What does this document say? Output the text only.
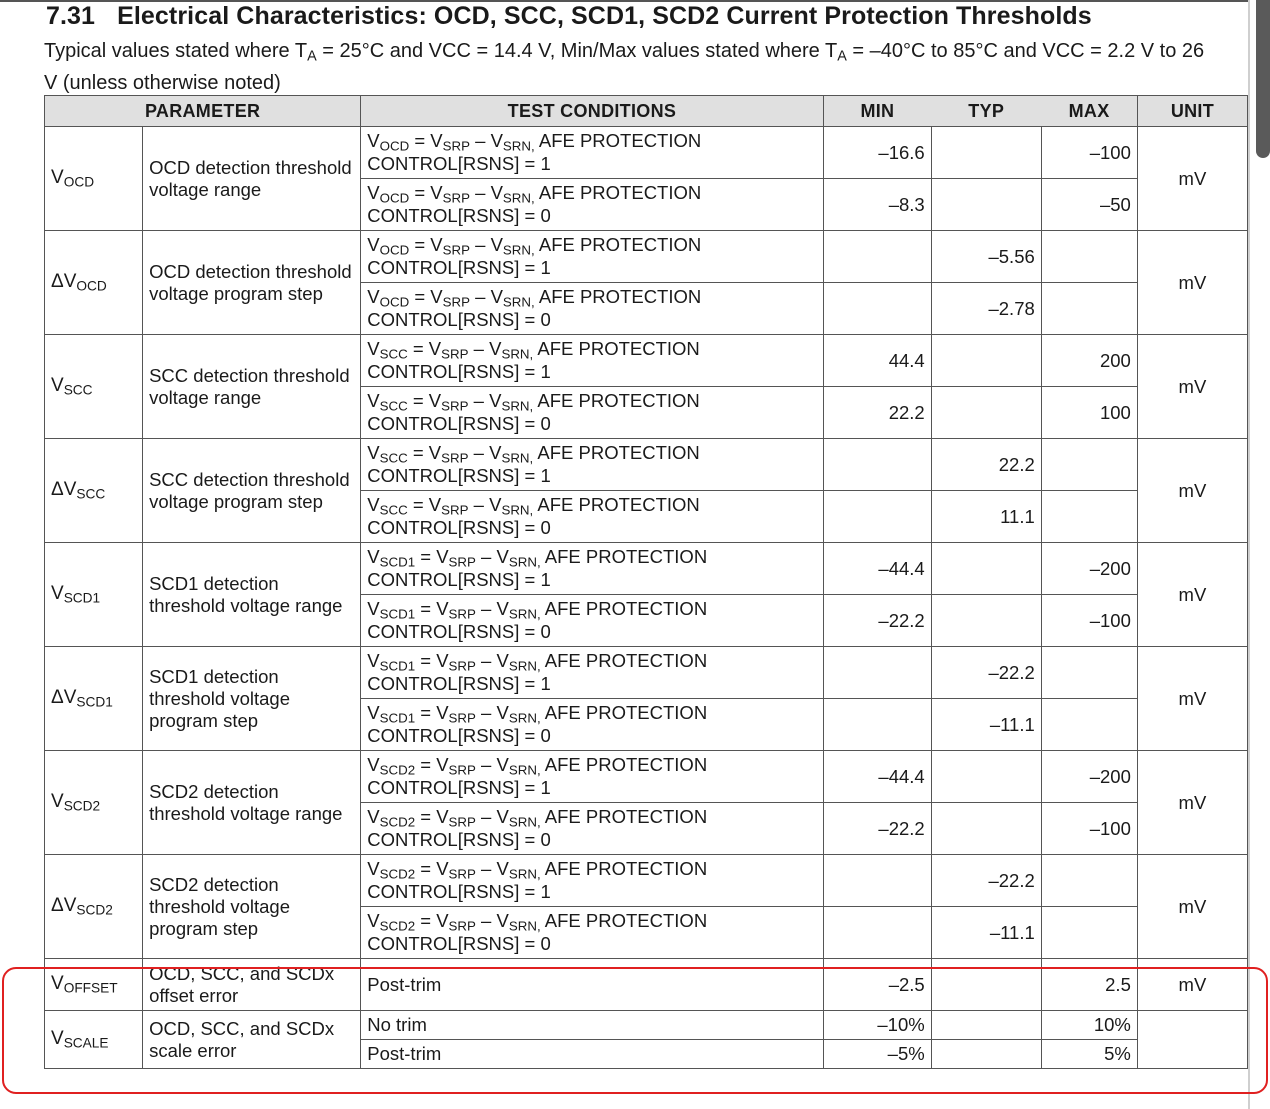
7.31 Electrical Characteristics: OCD, SCC, SCD1, SCD2 Current Protection Thresholds

Typical values stated where $T_A = 25^\circ C$ and VCC = 14.4 V, Min/Max values stated where $T_A = -40^\circ C$ to 85°C and VCC = 2.2 V to 26 V (unless otherwise noted)

PARAMETER		TEST CONDITIONS	MIN	TYP	MAX	UNIT
$V_{OCD}$	OCD detection threshold voltage range	$V_{OCD} = V_{SRP} - V_{SRN,}$ AFE PROTECTION
CONTROL[RSNS] = 1	–16.6		–100	mV
		$V_{OCD} = V_{SRP} - V_{SRN,}$ AFE PROTECTION
CONTROL[RSNS] = 0	–8.3		–50	
$\Delta V_{OCD}$	OCD detection threshold voltage program step	$V_{OCD} = V_{SRP} - V_{SRN,}$ AFE PROTECTION
CONTROL[RSNS] = 1		–5.56		mV
		$V_{OCD} = V_{SRP} - V_{SRN,}$ AFE PROTECTION
CONTROL[RSNS] = 0		–2.78		
$V_{SCC}$	SCC detection threshold voltage range	$V_{SCC} = V_{SRP} - V_{SRN,}$ AFE PROTECTION
CONTROL[RSNS] = 1	44.4		200	mV
		$V_{SCC} = V_{SRP} - V_{SRN,}$ AFE PROTECTION
CONTROL[RSNS] = 0	22.2		100	
$\Delta V_{SCC}$	SCC detection threshold voltage program step	$V_{SCC} = V_{SRP} - V_{SRN,}$ AFE PROTECTION
CONTROL[RSNS] = 1		22.2		mV
		$V_{SCC} = V_{SRP} - V_{SRN,}$ AFE PROTECTION
CONTROL[RSNS] = 0		11.1		
$V_{SCD1}$	SCD1 detection threshold voltage range	$V_{SCD1} = V_{SRP} - V_{SRN,}$ AFE PROTECTION
CONTROL[RSNS] = 1	–44.4		–200	mV
		$V_{SCD1} = V_{SRP} - V_{SRN,}$ AFE PROTECTION
CONTROL[RSNS] = 0	–22.2		–100	
$\Delta V_{SCD1}$	SCD1 detection threshold voltage program step	$V_{SCD1} = V_{SRP} - V_{SRN,}$ AFE PROTECTION
CONTROL[RSNS] = 1		–22.2		mV
		$V_{SCD1} = V_{SRP} - V_{SRN,}$ AFE PROTECTION
CONTROL[RSNS] = 0		–11.1		
$V_{SCD2}$	SCD2 detection threshold voltage range	$V_{SCD2} = V_{SRP} - V_{SRN,}$ AFE PROTECTION
CONTROL[RSNS] = 1	–44.4		–200	mV
		$V_{SCD2} = V_{SRP} - V_{SRN,}$ AFE PROTECTION
CONTROL[RSNS] = 0	–22.2		–100	
$\Delta V_{SCD2}$	SCD2 detection threshold voltage program step	$V_{SCD2} = V_{SRP} - V_{SRN,}$ AFE PROTECTION
CONTROL[RSNS] = 1		–22.2		mV
		$V_{SCD2} = V_{SRP} - V_{SRN,}$ AFE PROTECTION
CONTROL[RSNS] = 0		–11.1		
$V_{OFFSET}$	OCD, SCC, and SCDx offset error	Post-trim	–2.5		2.5	mV
$V_{SCALE}$	OCD, SCC, and SCDx scale error	No trim	–10%		10%	
		Post-trim	–5%		5%	
